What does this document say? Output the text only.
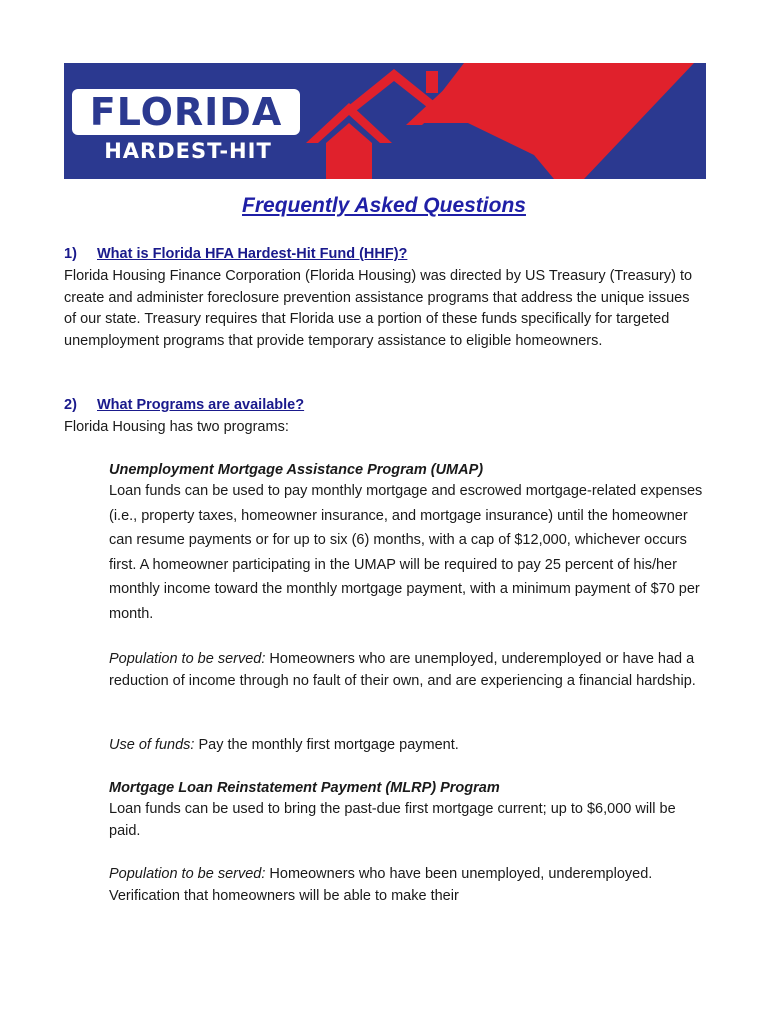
FLORIDA
HARDEST-HIT
Frequently Asked Questions
1) What is Florida HFA Hardest-Hit Fund (HHF)?
Florida Housing Finance Corporation (Florida Housing) was directed by US Treasury (Treasury) to create and administer foreclosure prevention assistance programs that address the unique issues of our state. Treasury requires that Florida use a portion of these funds specifically for targeted unemployment programs that provide temporary assistance to eligible homeowners.
2) What Programs are available?
Florida Housing has two programs:
Unemployment Mortgage Assistance Program (UMAP)
Loan funds can be used to pay monthly mortgage and escrowed mortgage-related expenses (i.e., property taxes, homeowner insurance, and mortgage insurance) until the homeowner can resume payments or for up to six (6) months, with a cap of $12,000, whichever occurs first. A homeowner participating in the UMAP will be required to pay 25 percent of his/her monthly income toward the monthly mortgage payment, with a minimum payment of $70 per month.
Population to be served: Homeowners who are unemployed, underemployed or have had a reduction of income through no fault of their own, and are experiencing a financial hardship.
Use of funds: Pay the monthly first mortgage payment.
Mortgage Loan Reinstatement Payment (MLRP) Program
Loan funds can be used to bring the past-due first mortgage current; up to $6,000 will be paid.
Population to be served: Homeowners who have been unemployed, underemployed. Verification that homeowners will be able to make their
